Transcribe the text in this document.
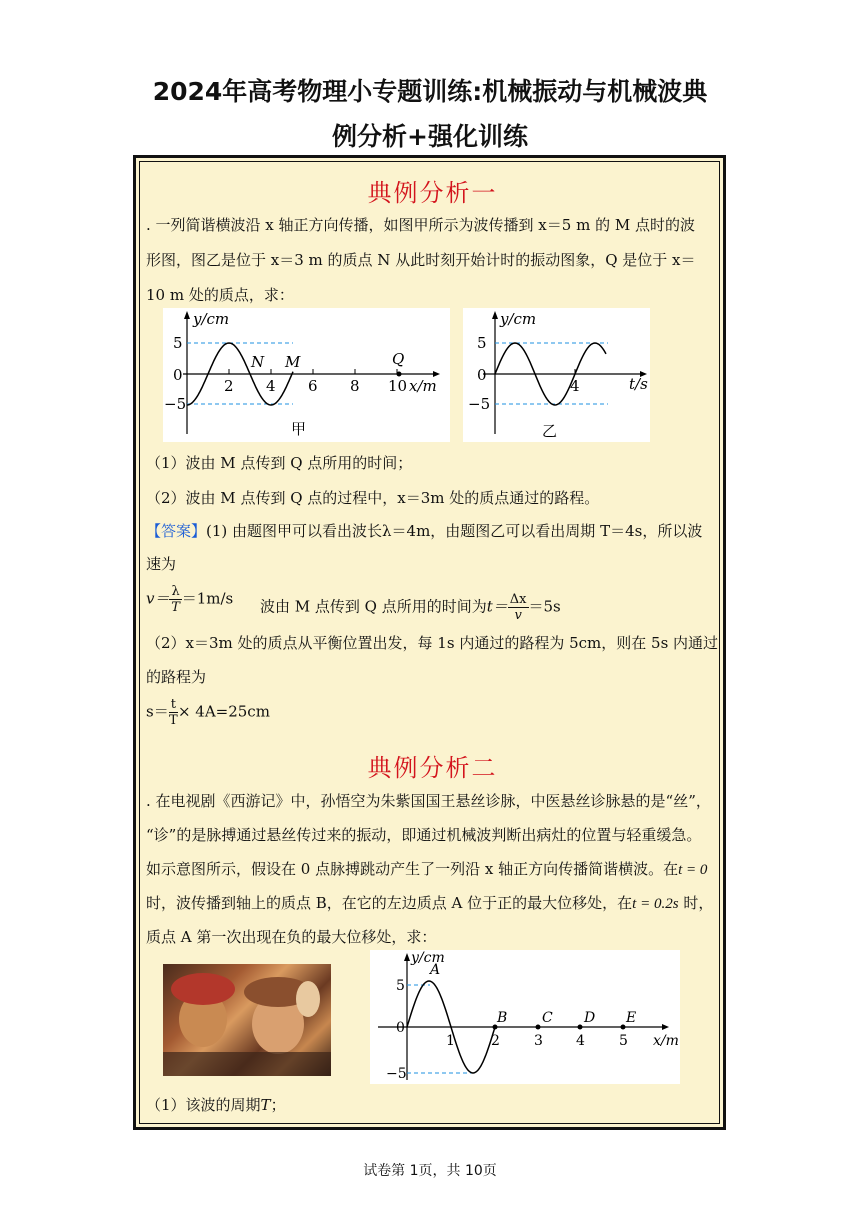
2024年高考物理小专题训练:机械振动与机械波典
例分析+强化训练
典例分析一
典例分析二
. 一列简谐横波沿 x 轴正方向传播，如图甲所示为波传播到 x＝5 m 的 M 点时的波
形图，图乙是位于 x＝3 m 的质点 N 从此时刻开始计时的振动图象，Q 是位于 x＝
10 m 处的质点，求：
y/cm
x/m
5
0
−5
2 4 6 8 10
N M	Q
甲
y/cm
t/s
5
0
−5
4
乙
（1）波由 M 点传到 Q 点所用的时间；
（2）波由 M 点传到 Q 点的过程中，x＝3m 处的质点通过的路程。
【答案】(1) 由题图甲可以看出波长λ＝4m，由题图乙可以看出周期 T＝4s，所以波
速为
$v= \frac{\lambda}{T} =1m/s$ 波由 M 点传到 Q 点所用的时间为$t= \frac{\Delta x}{v} =5s$
（2）x＝3m 处的质点从平衡位置出发，每 1s 内通过的路程为 5cm，则在 5s 内通过
的路程为
$s= \frac{t}{T} \times 4A=25cm$
. 在电视剧《西游记》中，孙悟空为朱紫国国王悬丝诊脉，中医悬丝诊脉悬的是“丝”，
“诊”的是脉搏通过悬丝传过来的振动，即通过机械波判断出病灶的位置与轻重缓急。
如示意图所示，假设在 0 点脉搏跳动产生了一列沿 x 轴正方向传播简谐横波。在t = 0
时，波传播到轴上的质点 B，在它的左边质点 A 位于正的最大位移处，在t = 0.2s 时，
质点 A 第一次出现在负的最大位移处，求：
y/cm
x/m
5
0
−5
1	2 3 4 5
A
B C D E
（1）该波的周期T；
试卷第 1页，共 10页
